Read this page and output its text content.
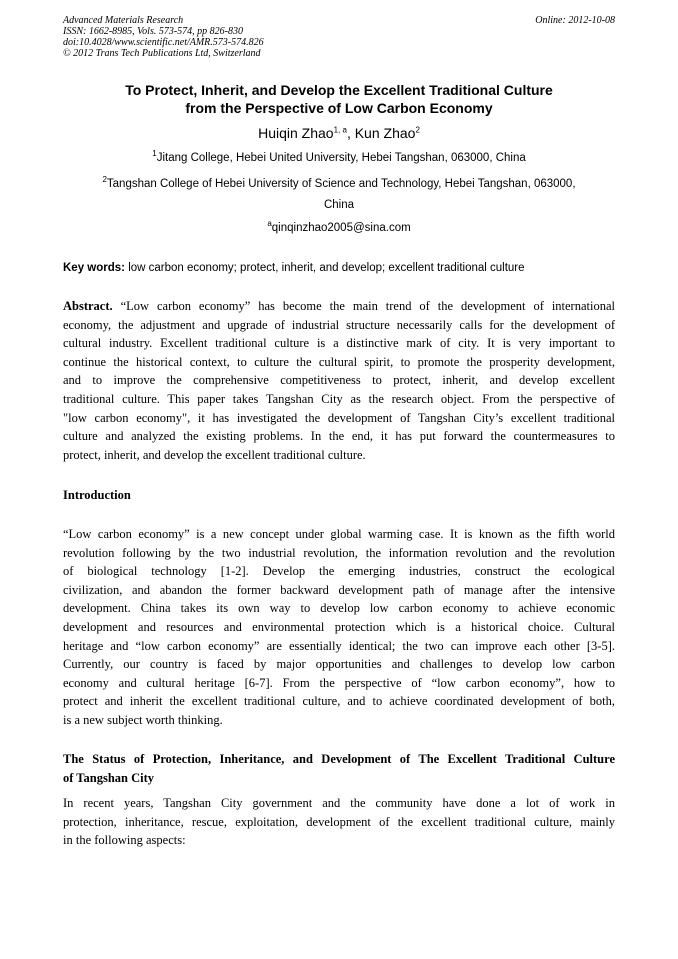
Advanced Materials Research
ISSN: 1662-8985, Vols. 573-574, pp 826-830
doi:10.4028/www.scientific.net/AMR.573-574.826
© 2012 Trans Tech Publications Ltd, Switzerland
Online: 2012-10-08
To Protect, Inherit, and Develop the Excellent Traditional Culture
from the Perspective of Low Carbon Economy
Huiqin Zhao$^{1, a}$, Kun Zhao$^2$
$^1$Jitang College, Hebei United University, Hebei Tangshan, 063000, China
$^2$Tangshan College of Hebei University of Science and Technology, Hebei Tangshan, 063000,
China
$^a$qinqinzhao2005@sina.com
Key words: low carbon economy; protect, inherit, and develop; excellent traditional culture
Abstract. “Low carbon economy” has become the main trend of the development of international
economy, the adjustment and upgrade of industrial structure necessarily calls for the development of
cultural industry. Excellent traditional culture is a distinctive mark of city. It is very important to
continue the historical context, to culture the cultural spirit, to promote the prosperity development,
and to improve the comprehensive competitiveness to protect, inherit, and develop excellent
traditional culture. This paper takes Tangshan City as the research object. From the perspective of
"low carbon economy", it has investigated the development of Tangshan City’s excellent traditional
culture and analyzed the existing problems. In the end, it has put forward the countermeasures to
protect, inherit, and develop the excellent traditional culture.
Introduction
“Low carbon economy” is a new concept under global warming case. It is known as the fifth world
revolution following by the two industrial revolution, the information revolution and the revolution
of biological technology [1-2]. Develop the emerging industries, construct the ecological
civilization, and abandon the former backward development path of manage after the intensive
development. China takes its own way to develop low carbon economy to achieve economic
development and resources and environmental protection which is a historical choice. Cultural
heritage and “low carbon economy” are essentially identical; the two can improve each other [3-5].
Currently, our country is faced by major opportunities and challenges to develop low carbon
economy and cultural heritage [6-7]. From the perspective of “low carbon economy”, how to
protect and inherit the excellent traditional culture, and to achieve coordinated development of both,
is a new subject worth thinking.
The Status of Protection, Inheritance, and Development of The Excellent Traditional Culture
of Tangshan City
In recent years, Tangshan City government and the community have done a lot of work in
protection, inheritance, rescue, exploitation, development of the excellent traditional culture, mainly
in the following aspects:
